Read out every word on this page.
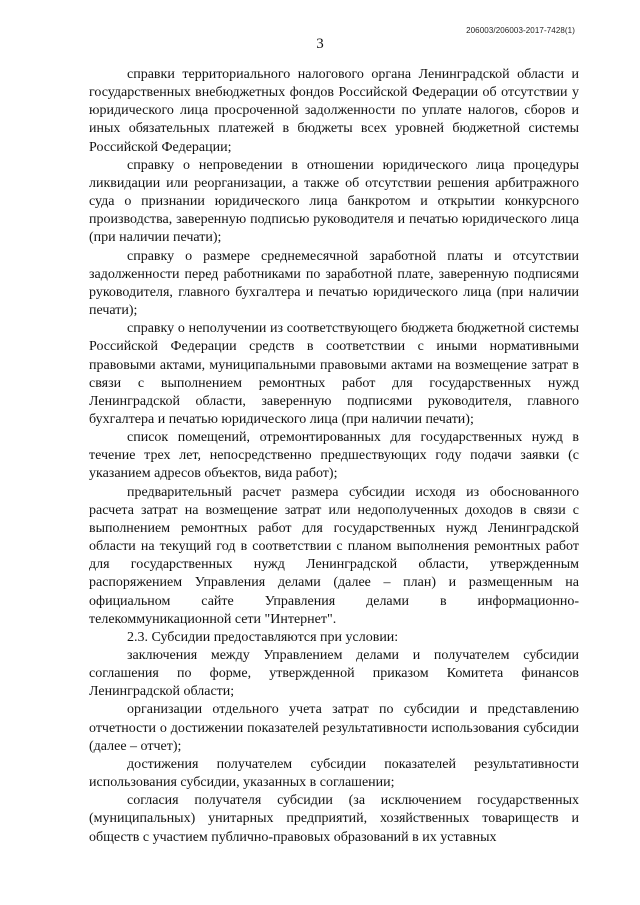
206003/206003-2017-7428(1)
3

справки территориального налогового органа Ленинградской области и государственных внебюджетных фондов Российской Федерации об отсутствии у юридического лица просроченной задолженности по уплате налогов, сборов и иных обязательных платежей в бюджеты всех уровней бюджетной системы Российской Федерации;

справку о непроведении в отношении юридического лица процедуры ликвидации или реорганизации, а также об отсутствии решения арбитражного суда о признании юридического лица банкротом и открытии конкурсного производства, заверенную подписью руководителя и печатью юридического лица (при наличии печати);

справку о размере среднемесячной заработной платы и отсутствии задолженности перед работниками по заработной плате, заверенную подписями руководителя, главного бухгалтера и печатью юридического лица (при наличии печати);

справку о неполучении из соответствующего бюджета бюджетной системы Российской Федерации средств в соответствии с иными нормативными правовыми актами, муниципальными правовыми актами на возмещение затрат в связи с выполнением ремонтных работ для государственных нужд Ленинградской области, заверенную подписями руководителя, главного бухгалтера и печатью юридического лица (при наличии печати);

список помещений, отремонтированных для государственных нужд в течение трех лет, непосредственно предшествующих году подачи заявки (с указанием адресов объектов, вида работ);

предварительный расчет размера субсидии исходя из обоснованного расчета затрат на возмещение затрат или недополученных доходов в связи с выполнением ремонтных работ для государственных нужд Ленинградской области на текущий год в соответствии с планом выполнения ремонтных работ для государственных нужд Ленинградской области, утвержденным распоряжением Управления делами (далее – план) и размещенным на официальном сайте Управления делами в информационно-телекоммуникационной сети "Интернет".

2.3. Субсидии предоставляются при условии:

заключения между Управлением делами и получателем субсидии соглашения по форме, утвержденной приказом Комитета финансов Ленинградской области;

организации отдельного учета затрат по субсидии и представлению отчетности о достижении показателей результативности использования субсидии (далее – отчет);

достижения получателем субсидии показателей результативности использования субсидии, указанных в соглашении;

согласия получателя субсидии (за исключением государственных (муниципальных) унитарных предприятий, хозяйственных товариществ и обществ с участием публично-правовых образований в их уставных
